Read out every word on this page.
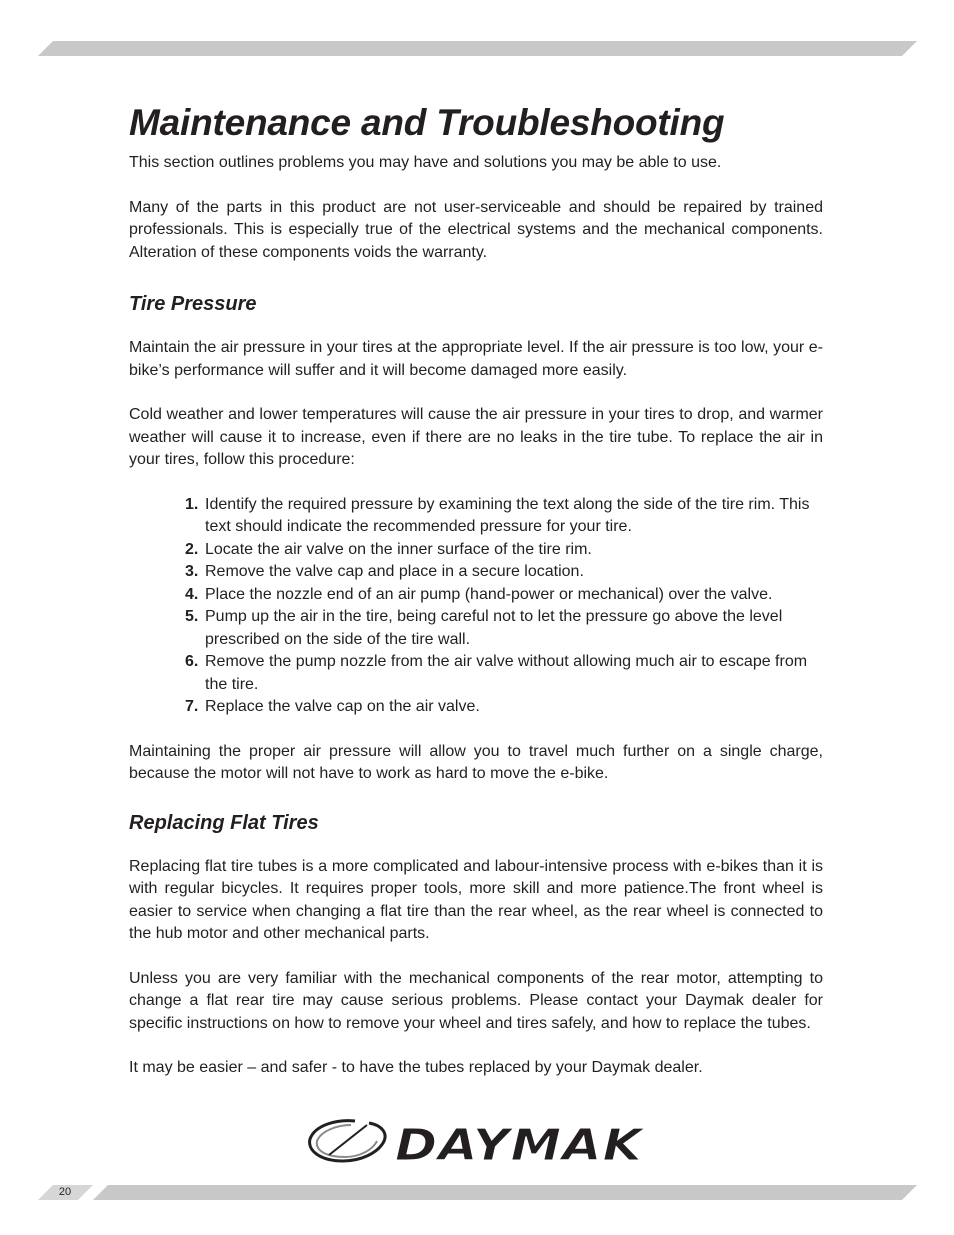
Maintenance and Troubleshooting

This section outlines problems you may have and solutions you may be able to use.

Many of the parts in this product are not user-serviceable and should be repaired by trained professionals. This is especially true of the electrical systems and the mechanical components. Alteration of these components voids the warranty.

Tire Pressure

Maintain the air pressure in your tires at the appropriate level. If the air pressure is too low, your e-bike’s performance will suffer and it will become damaged more easily.

Cold weather and lower temperatures will cause the air pressure in your tires to drop, and warmer weather will cause it to increase, even if there are no leaks in the tire tube. To replace the air in your tires, follow this procedure:

1. Identify the required pressure by examining the text along the side of the tire rim. This text should indicate the recommended pressure for your tire.
2. Locate the air valve on the inner surface of the tire rim.
3. Remove the valve cap and place in a secure location.
4. Place the nozzle end of an air pump (hand-power or mechanical) over the valve.
5. Pump up the air in the tire, being careful not to let the pressure go above the level prescribed on the side of the tire wall.
6. Remove the pump nozzle from the air valve without allowing much air to escape from the tire.
7. Replace the valve cap on the air valve.

Maintaining the proper air pressure will allow you to travel much further on a single charge, because the motor will not have to work as hard to move the e-bike.

Replacing Flat Tires

Replacing flat tire tubes is a more complicated and labour-intensive process with e-bikes than it is with regular bicycles. It requires proper tools, more skill and more patience.The front wheel is easier to service when changing a flat tire than the rear wheel, as the rear wheel is connected to the hub motor and other mechanical parts.

Unless you are very familiar with the mechanical components of the rear motor, attempting to change a flat rear tire may cause serious problems. Please contact your Daymak dealer for specific instructions on how to remove your wheel and tires safely, and how to replace the tubes.

It may be easier – and safer - to have the tubes replaced by your Daymak dealer.

DAYMAK
20
